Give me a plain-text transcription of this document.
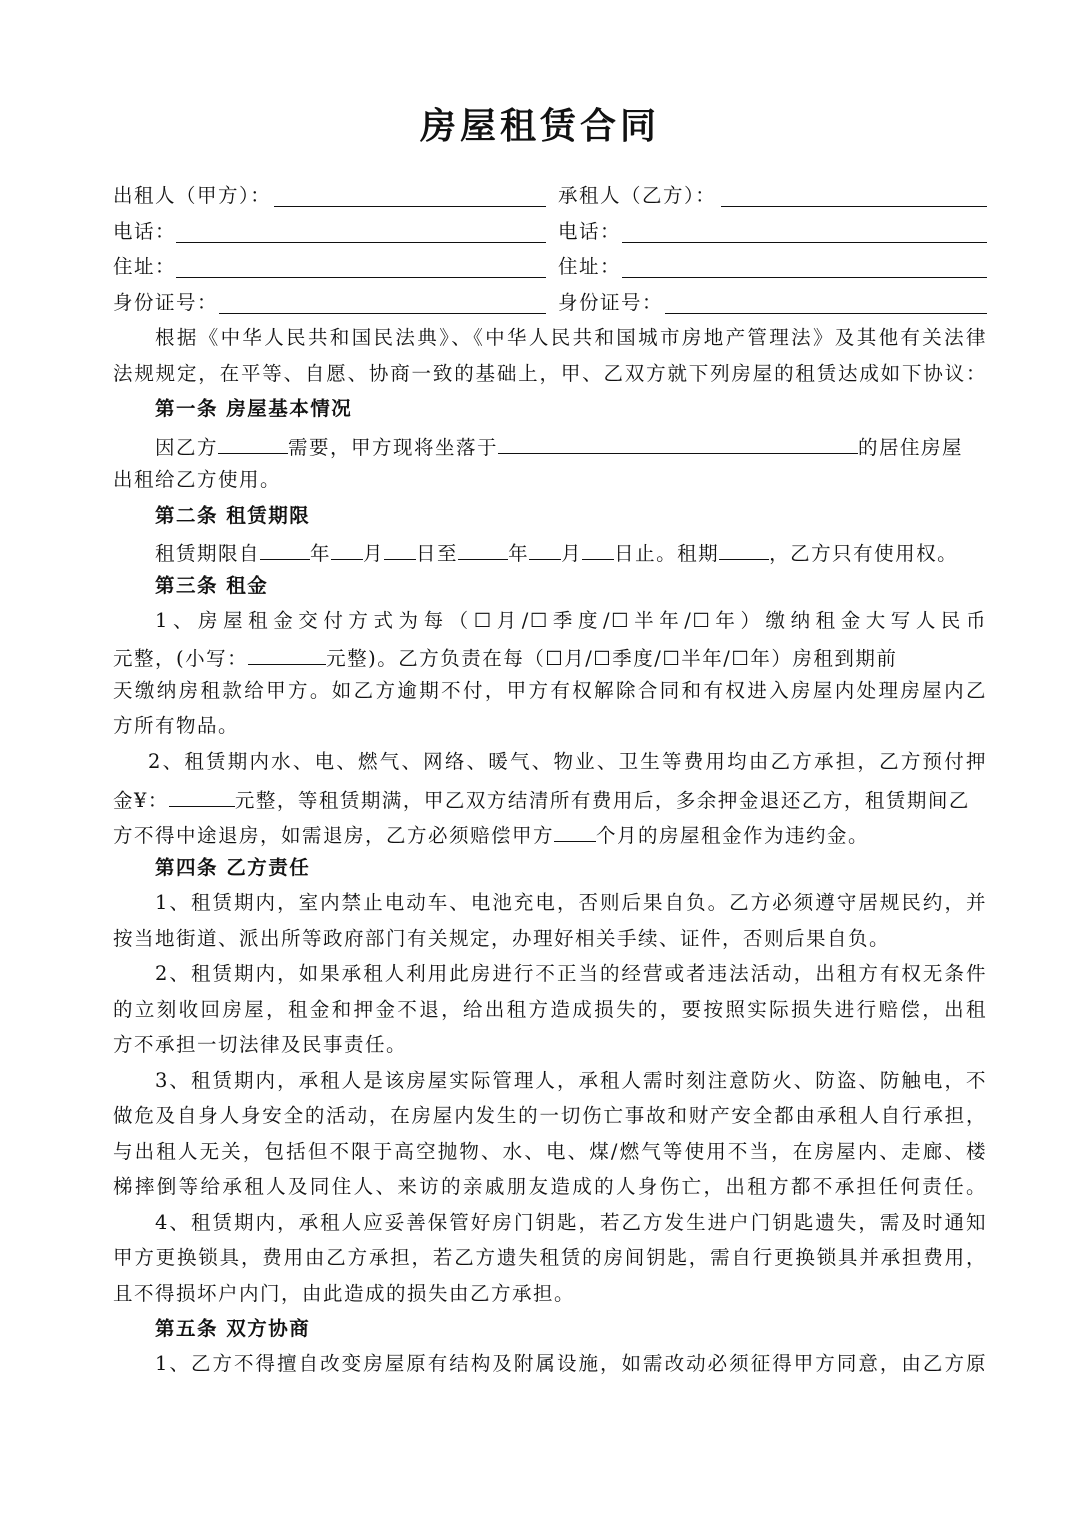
房屋租赁合同
出租人（甲方）：	承租人（乙方）：
电话：	电话：
住址：	住址：
身份证号：	身份证号：
根据《中华人民共和国民法典》、《中华人民共和国城市房地产管理法》及其他有关法律
法规规定，在平等、自愿、协商一致的基础上，甲、乙双方就下列房屋的租赁达成如下协议：
第一条 房屋基本情况
因乙方	需要，甲方现将坐落于	的居住房屋
出租给乙方使用。
第二条 租赁期限
租赁期限自	年 月 日至	年 月 日止。租期	，乙方只有使用权。
第三条 租金
1、房屋租金交付方式为每（☐月/☐季度/☐半年/☐年）缴纳租金大写人民币
元整，(小写：	元整)。乙方负责在每（☐月/☐季度/☐半年/☐年）房租到期前
天缴纳房租款给甲方。如乙方逾期不付，甲方有权解除合同和有权进入房屋内处理房屋内乙
方所有物品。
2、租赁期内水、电、燃气、网络、暖气、物业、卫生等费用均由乙方承担，乙方预付押
金¥：	元整，等租赁期满，甲乙双方结清所有费用后，多余押金退还乙方，租赁期间乙
方不得中途退房，如需退房，乙方必须赔偿甲方 个月的房屋租金作为违约金。
第四条 乙方责任
1、租赁期内，室内禁止电动车、电池充电，否则后果自负。乙方必须遵守居规民约，并
按当地街道、派出所等政府部门有关规定，办理好相关手续、证件，否则后果自负。
2、租赁期内，如果承租人利用此房进行不正当的经营或者违法活动，出租方有权无条件
的立刻收回房屋，租金和押金不退，给出租方造成损失的，要按照实际损失进行赔偿，出租
方不承担一切法律及民事责任。
3、租赁期内，承租人是该房屋实际管理人，承租人需时刻注意防火、防盗、防触电，不
做危及自身人身安全的活动，在房屋内发生的一切伤亡事故和财产安全都由承租人自行承担，
与出租人无关，包括但不限于高空抛物、水、电、煤/燃气等使用不当，在房屋内、走廊、楼
梯摔倒等给承租人及同住人、来访的亲戚朋友造成的人身伤亡，出租方都不承担任何责任。
4、租赁期内，承租人应妥善保管好房门钥匙，若乙方发生进户门钥匙遗失，需及时通知
甲方更换锁具，费用由乙方承担，若乙方遗失租赁的房间钥匙，需自行更换锁具并承担费用，
且不得损坏户内门，由此造成的损失由乙方承担。
第五条 双方协商
1、乙方不得擅自改变房屋原有结构及附属设施，如需改动必须征得甲方同意，由乙方原
